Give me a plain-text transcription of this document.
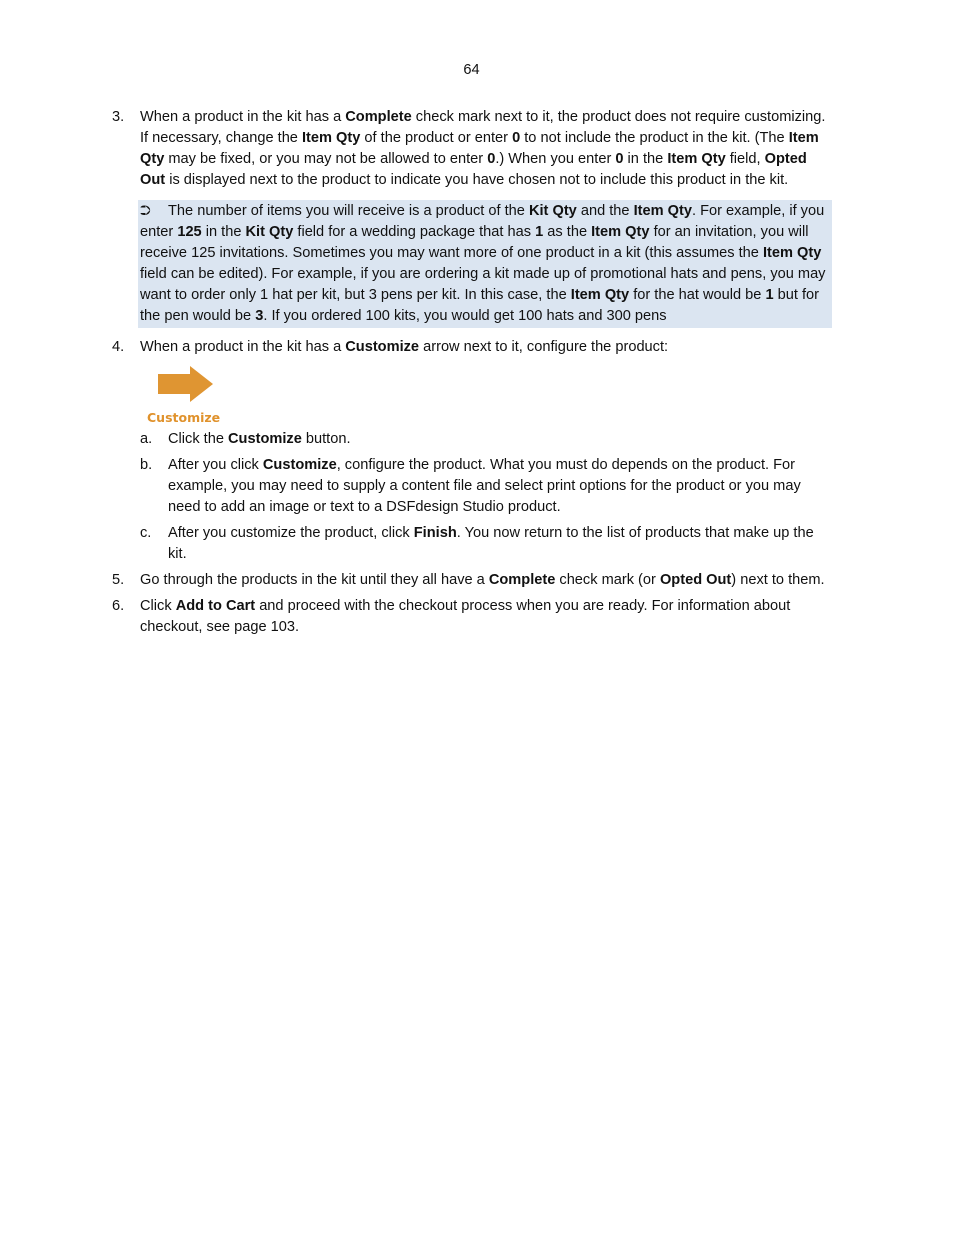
64
3.	When a product in the kit has a Complete check mark next to it, the product does not require customizing. If necessary, change the Item Qty of the product or enter 0 to not include the product in the kit. (The Item Qty may be fixed, or you may not be allowed to enter 0.) When you enter 0 in the Item Qty field, Opted Out is displayed next to the product to indicate you have chosen not to include this product in the kit.
⮊ The number of items you will receive is a product of the Kit Qty and the Item Qty. For example, if you enter 125 in the Kit Qty field for a wedding package that has 1 as the Item Qty for an invitation, you will receive 125 invitations. Sometimes you may want more of one product in a kit (this assumes the Item Qty field can be edited). For example, if you are ordering a kit made up of promotional hats and pens, you may want to order only 1 hat per kit, but 3 pens per kit. In this case, the Item Qty for the hat would be 1 but for the pen would be 3. If you ordered 100 kits, you would get 100 hats and 300 pens
4.	When a product in the kit has a Customize arrow next to it, configure the product:
Customize
a.	Click the Customize button.
b.	After you click Customize, configure the product. What you must do depends on the product. For example, you may need to supply a content file and select print options for the product or you may need to add an image or text to a DSFdesign Studio product.
c.	After you customize the product, click Finish. You now return to the list of products that make up the kit.
5.	Go through the products in the kit until they all have a Complete check mark (or Opted Out) next to them.
6.	Click Add to Cart and proceed with the checkout process when you are ready. For information about checkout, see page 103.
